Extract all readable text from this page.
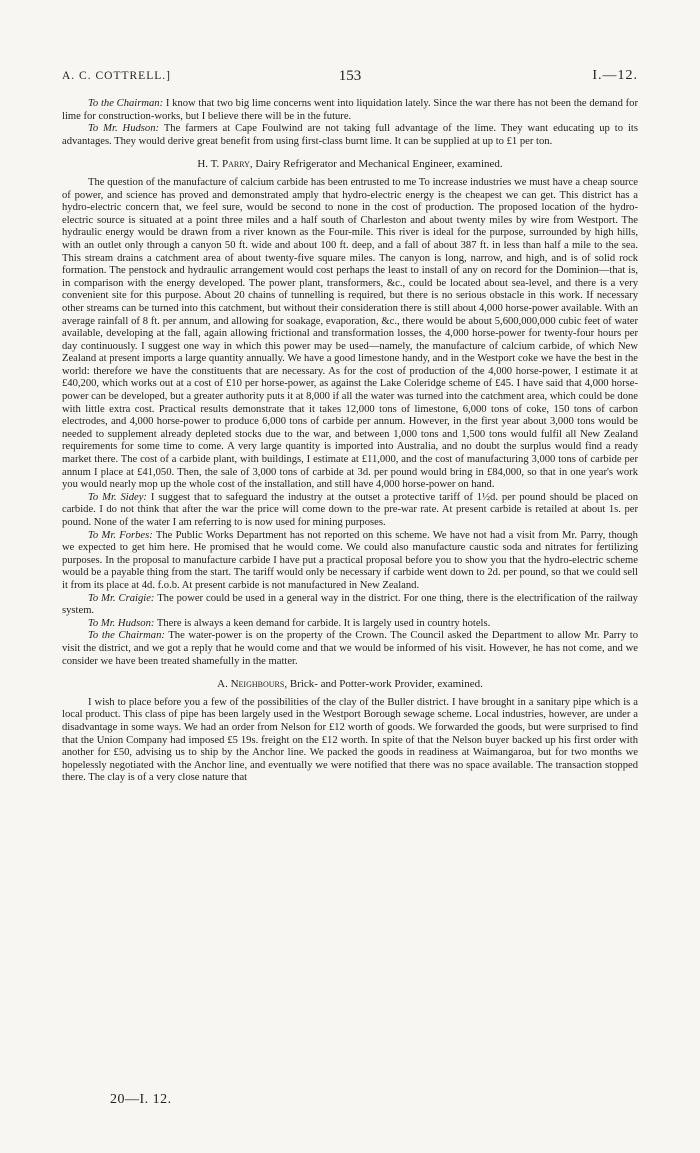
A. C. COTTRELL.]	153	I.—12.

To the Chairman: I know that two big lime concerns went into liquidation lately. Since the war there has not been the demand for lime for construction-works, but I believe there will be in the future.

To Mr. Hudson: The farmers at Cape Foulwind are not taking full advantage of the lime. They want educating up to its advantages. They would derive great benefit from using first-class burnt lime. It can be supplied at up to £1 per ton.

H. T. Parry, Dairy Refrigerator and Mechanical Engineer, examined.

The question of the manufacture of calcium carbide has been entrusted to me To increase industries we must have a cheap source of power, and science has proved and demonstrated amply that hydro-electric energy is the cheapest we can get. This district has a hydro-electric concern that, we feel sure, would be second to none in the cost of production. The proposed location of the hydro-electric source is situated at a point three miles and a half south of Charleston and about twenty miles by wire from Westport. The hydraulic energy would be drawn from a river known as the Four-mile. This river is ideal for the purpose, surrounded by high hills, with an outlet only through a canyon 50 ft. wide and about 100 ft. deep, and a fall of about 387 ft. in less than half a mile to the sea. This stream drains a catchment area of about twenty-five square miles. The canyon is long, narrow, and high, and is of solid rock formation. The penstock and hydraulic arrangement would cost perhaps the least to install of any on record for the Dominion—that is, in comparison with the energy developed. The power plant, transformers, &c., could be located about sea-level, and there is a very convenient site for this purpose. About 20 chains of tunnelling is required, but there is no serious obstacle in this work. If necessary other streams can be turned into this catchment, but without their consideration there is still about 4,000 horse-power available. With an average rainfall of 8 ft. per annum, and allowing for soakage, evaporation, &c., there would be about 5,600,000,000 cubic feet of water available, developing at the fall, again allowing frictional and transformation losses, the 4,000 horse-power for twenty-four hours per day continuously. I suggest one way in which this power may be used—namely, the manufacture of calcium carbide, of which New Zealand at present imports a large quantity annually. We have a good limestone handy, and in the Westport coke we have the best in the world: therefore we have the constituents that are necessary. As for the cost of production of the 4,000 horse-power, I estimate it at £40,200, which works out at a cost of £10 per horse-power, as against the Lake Coleridge scheme of £45. I have said that 4,000 horse-power can be developed, but a greater authority puts it at 8,000 if all the water was turned into the catchment area, which could be done with little extra cost. Practical results demonstrate that it takes 12,000 tons of limestone, 6,000 tons of coke, 150 tons of carbon electrodes, and 4,000 horse-power to produce 6,000 tons of carbide per annum. However, in the first year about 3,000 tons would be needed to supplement already depleted stocks due to the war, and between 1,000 tons and 1,500 tons would fulfil all New Zealand requirements for some time to come. A very large quantity is imported into Australia, and no doubt the surplus would find a ready market there. The cost of a carbide plant, with buildings, I estimate at £11,000, and the cost of manufacturing 3,000 tons of carbide per annum I place at £41,050. Then, the sale of 3,000 tons of carbide at 3d. per pound would bring in £84,000, so that in one year's work you would nearly mop up the whole cost of the installation, and still have 4,000 horse-power on hand.

To Mr. Sidey: I suggest that to safeguard the industry at the outset a protective tariff of 1½d. per pound should be placed on carbide. I do not think that after the war the price will come down to the pre-war rate. At present carbide is retailed at about 1s. per pound. None of the water I am referring to is now used for mining purposes.

To Mr. Forbes: The Public Works Department has not reported on this scheme. We have not had a visit from Mr. Parry, though we expected to get him here. He promised that he would come. We could also manufacture caustic soda and nitrates for fertilizing purposes. In the proposal to manufacture carbide I have put a practical proposal before you to show you that the hydro-electric scheme would be a payable thing from the start. The tariff would only be necessary if carbide went down to 2d. per pound, so that we could sell it from its place at 4d. f.o.b. At present carbide is not manufactured in New Zealand.

To Mr. Craigie: The power could be used in a general way in the district. For one thing, there is the electrification of the railway system.

To Mr. Hudson: There is always a keen demand for carbide. It is largely used in country hotels.

To the Chairman: The water-power is on the property of the Crown. The Council asked the Department to allow Mr. Parry to visit the district, and we got a reply that he would come and that we would be informed of his visit. However, he has not come, and we consider we have been treated shamefully in the matter.

A. Neighbours, Brick- and Potter-work Provider, examined.

I wish to place before you a few of the possibilities of the clay of the Buller district. I have brought in a sanitary pipe which is a local product. This class of pipe has been largely used in the Westport Borough sewage scheme. Local industries, however, are under a disadvantage in some ways. We had an order from Nelson for £12 worth of goods. We forwarded the goods, but were surprised to find that the Union Company had imposed £5 19s. freight on the £12 worth. In spite of that the Nelson buyer backed up his first order with another for £50, advising us to ship by the Anchor line. We packed the goods in readiness at Waimangaroa, but for two months we hopelessly negotiated with the Anchor line, and eventually we were notified that there was no space available. The transaction stopped there. The clay is of a very close nature that

20—I. 12.
